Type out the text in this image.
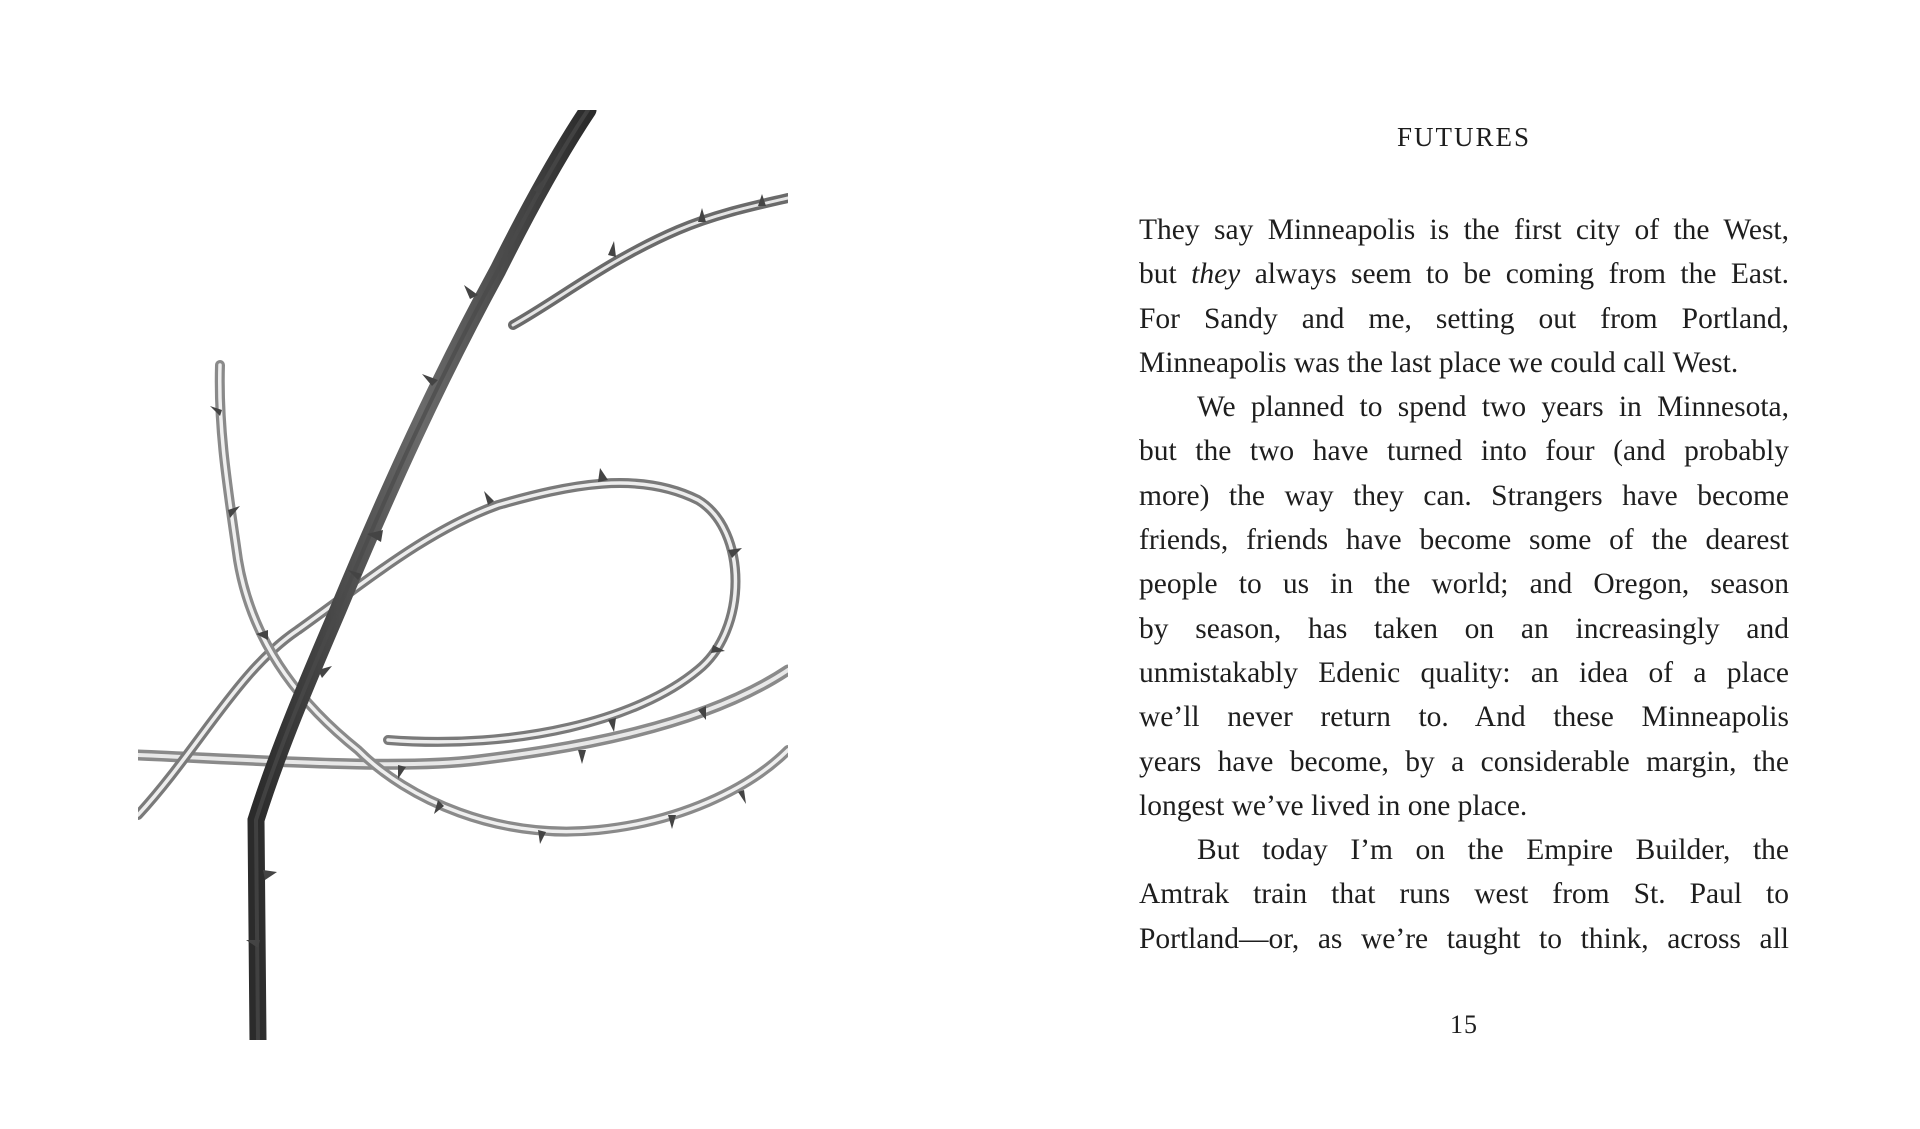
FUTURES
They say Minneapolis is the first city of the West,
but they always seem to be coming from the East.
For Sandy and me, setting out from Portland,
Minneapolis was the last place we could call West.
We planned to spend two years in Minnesota,
but the two have turned into four (and probably
more) the way they can. Strangers have become
friends, friends have become some of the dearest
people to us in the world; and Oregon, season
by season, has taken on an increasingly and
unmistakably Edenic quality: an idea of a place
we’ll never return to. And these Minneapolis
years have become, by a considerable margin, the
longest we’ve lived in one place.
But today I’m on the Empire Builder, the
Amtrak train that runs west from St. Paul to
Portland—or, as we’re taught to think, across all
15
